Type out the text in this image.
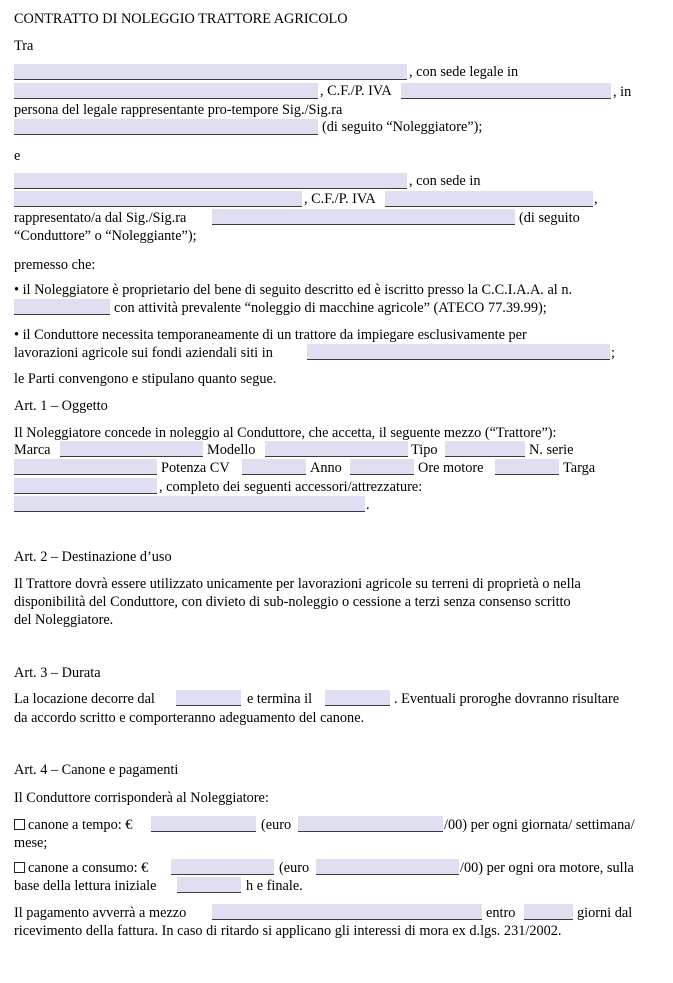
CONTRATTO DI NOLEGGIO TRATTORE AGRICOLO
Tra
, con sede legale in
, C.F./P. IVA	, in
persona del legale rappresentante pro-tempore Sig./Sig.ra
(di seguito “Noleggiatore”);
e
, con sede in
, C.F./P. IVA	,
rappresentato/a dal Sig./Sig.ra	(di seguito
“Conduttore” o “Noleggiante”);
premesso che:
• il Noleggiatore è proprietario del bene di seguito descritto ed è iscritto presso la C.C.I.A.A. al n.
con attività prevalente “noleggio di macchine agricole” (ATECO 77.39.99);
• il Conduttore necessita temporaneamente di un trattore da impiegare esclusivamente per
lavorazioni agricole sui fondi aziendali siti in	;
le Parti convengono e stipulano quanto segue.
Art. 1 – Oggetto
Il Noleggiatore concede in noleggio al Conduttore, che accetta, il seguente mezzo (“Trattore”):
Marca	Modello	Tipo	N. serie
Potenza CV	Anno	Ore motore	Targa
, completo dei seguenti accessori/attrezzature:
.
Art. 2 – Destinazione d’uso
Il Trattore dovrà essere utilizzato unicamente per lavorazioni agricole su terreni di proprietà o nella
disponibilità del Conduttore, con divieto di sub-noleggio o cessione a terzi senza consenso scritto
del Noleggiatore.
Art. 3 – Durata
La locazione decorre dal	e termina il	. Eventuali proroghe dovranno risultare
da accordo scritto e comporteranno adeguamento del canone.
Art. 4 – Canone e pagamenti
Il Conduttore corrisponderà al Noleggiatore:
canone a tempo: €	(euro	/00) per ogni giornata/ settimana/
mese;
canone a consumo: €	(euro	/00) per ogni ora motore, sulla
base della lettura iniziale	h e finale.
Il pagamento avverrà a mezzo	entro	giorni dal
ricevimento della fattura. In caso di ritardo si applicano gli interessi di mora ex d.lgs. 231/2002.
